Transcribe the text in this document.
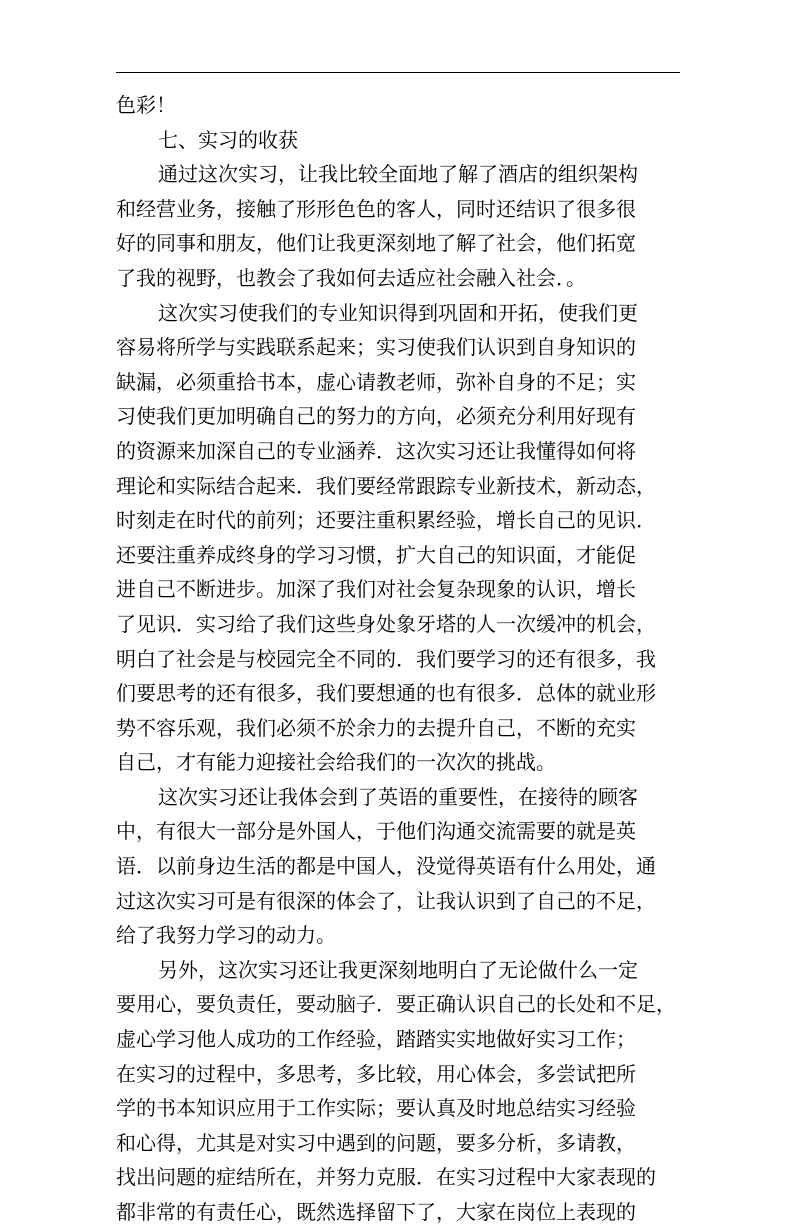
色彩！
七、实习的收获
通过这次实习，让我比较全面地了解了酒店的组织架构
和经营业务，接触了形形色色的客人，同时还结识了很多很
好的同事和朋友，他们让我更深刻地了解了社会，他们拓宽
了我的视野，也教会了我如何去适应社会融入社会．。
这次实习使我们的专业知识得到巩固和开拓，使我们更
容易将所学与实践联系起来；实习使我们认识到自身知识的
缺漏，必须重拾书本，虚心请教老师，弥补自身的不足；实
习使我们更加明确自己的努力的方向，必须充分利用好现有
的资源来加深自己的专业涵养．这次实习还让我懂得如何将
理论和实际结合起来．我们要经常跟踪专业新技术，新动态，
时刻走在时代的前列；还要注重积累经验，增长自己的见识．
还要注重养成终身的学习习惯，扩大自己的知识面，才能促
进自己不断进步。加深了我们对社会复杂现象的认识，增长
了见识．实习给了我们这些身处象牙塔的人一次缓冲的机会，
明白了社会是与校园完全不同的．我们要学习的还有很多，我
们要思考的还有很多，我们要想通的也有很多．总体的就业形
势不容乐观，我们必须不於余力的去提升自己，不断的充实
自己，才有能力迎接社会给我们的一次次的挑战。
这次实习还让我体会到了英语的重要性，在接待的顾客
中，有很大一部分是外国人，于他们沟通交流需要的就是英
语．以前身边生活的都是中国人，没觉得英语有什么用处，通
过这次实习可是有很深的体会了，让我认识到了自己的不足，
给了我努力学习的动力。
另外，这次实习还让我更深刻地明白了无论做什么一定
要用心，要负责任，要动脑子．要正确认识自己的长处和不足，
虚心学习他人成功的工作经验，踏踏实实地做好实习工作；
在实习的过程中，多思考，多比较，用心体会，多尝试把所
学的书本知识应用于工作实际；要认真及时地总结实习经验
和心得，尤其是对实习中遇到的问题，要多分析，多请教，
找出问题的症结所在，并努力克服．在实习过程中大家表现的
都非常的有责任心，既然选择留下了，大家在岗位上表现的
